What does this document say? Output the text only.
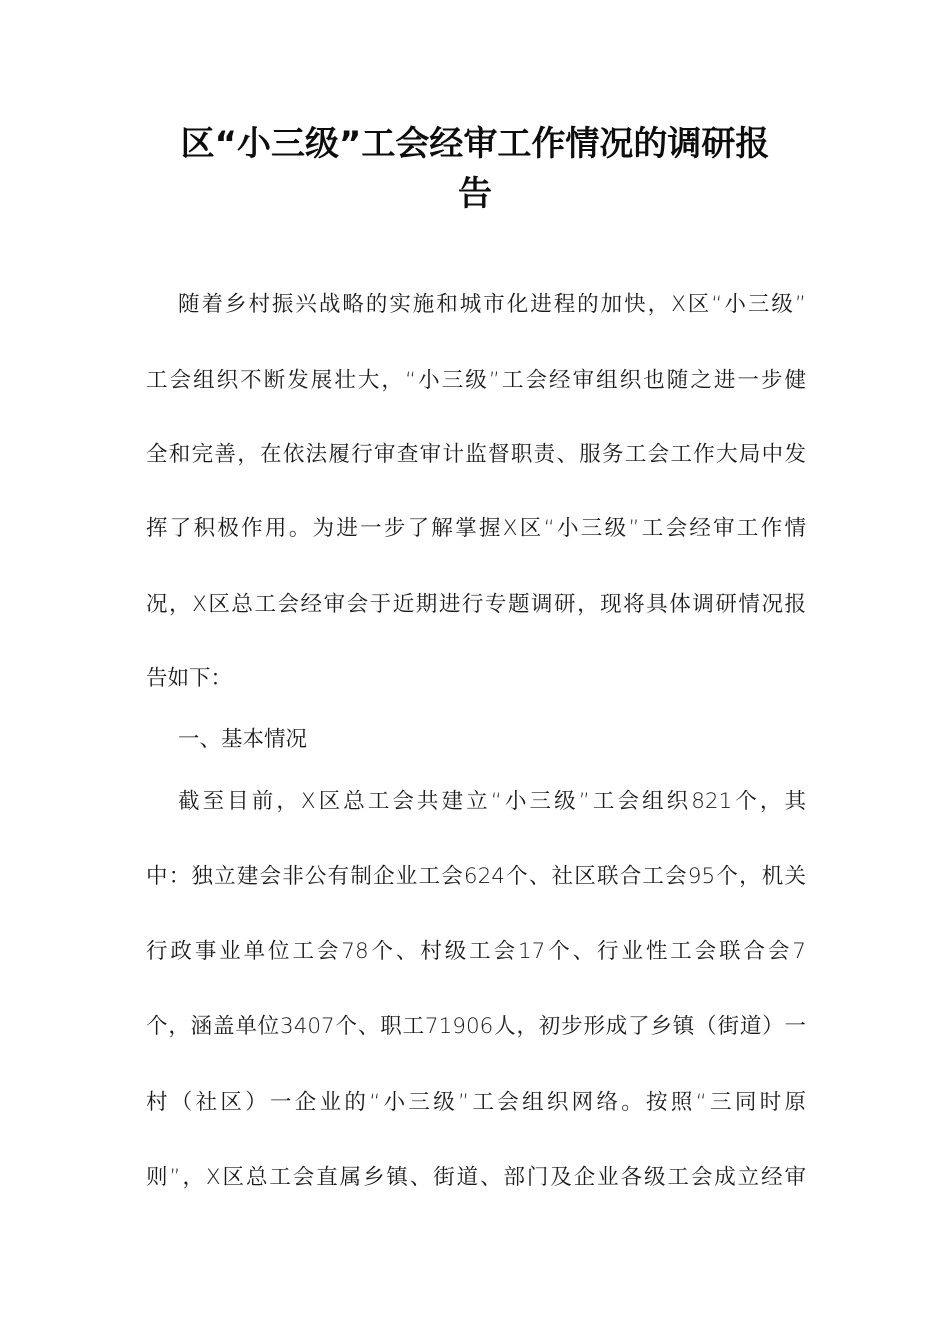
区“小三级”工会经审工作情况的调研报
告
随着乡村振兴战略的实施和城市化进程的加快，X区“小三级”
工会组织不断发展壮大，“小三级”工会经审组织也随之进一步健
全和完善，在依法履行审查审计监督职责、服务工会工作大局中发
挥了积极作用。为进一步了解掌握X区“小三级”工会经审工作情
况，X区总工会经审会于近期进行专题调研，现将具体调研情况报
告如下：
一、基本情况
截至目前，X区总工会共建立“小三级”工会组织821个，其
中：独立建会非公有制企业工会624个、社区联合工会95个，机关
行政事业单位工会78个、村级工会17个、行业性工会联合会7
个，涵盖单位3407个、职工71906人，初步形成了乡镇（街道）一
村（社区）一企业的“小三级”工会组织网络。按照“三同时原
则”，X区总工会直属乡镇、街道、部门及企业各级工会成立经审
